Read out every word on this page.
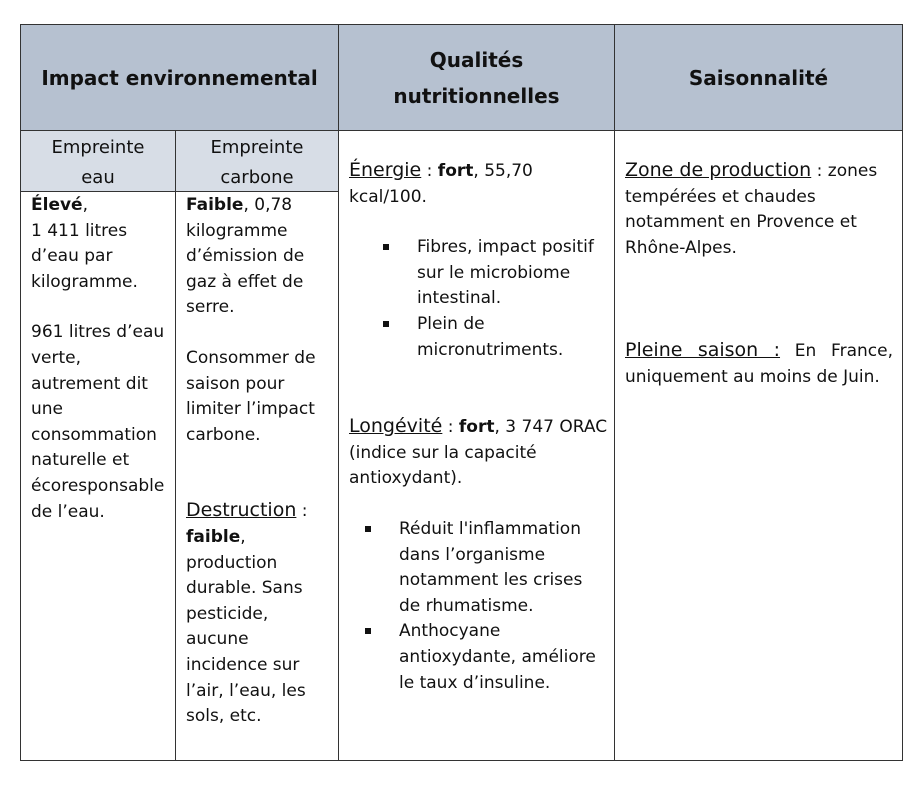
Impact environnemental
Qualités nutritionnelles
Saisonnalité
Empreinte eau
Empreinte carbone

Élevé,

1 411 litres d’eau par kilogramme.

961 litres d’eau verte, autrement dit une consommation naturelle et écoresponsable de l’eau.

Faible, 0,78 kilogramme d’émission de gaz à effet de serre.

Consommer de saison pour limiter l’impact carbone.

Destruction : faible, production durable. Sans pesticide, aucune incidence sur l’air, l’eau, les sols, etc.

Énergie : fort, 55,70 kcal/100.

Fibres, impact positif sur le microbiome intestinal.
Plein de micronutriments.

Longévité : fort, 3 747 ORAC (indice sur la capacité antioxydant).

Réduit l'inflammation dans l’organisme notamment les crises de rhumatisme.
Anthocyane antioxydante, améliore le taux d’insuline.

Zone de production : zones tempérées et chaudes notamment en Provence et Rhône-Alpes.

Pleine saison : En France,

uniquement au moins de Juin.
